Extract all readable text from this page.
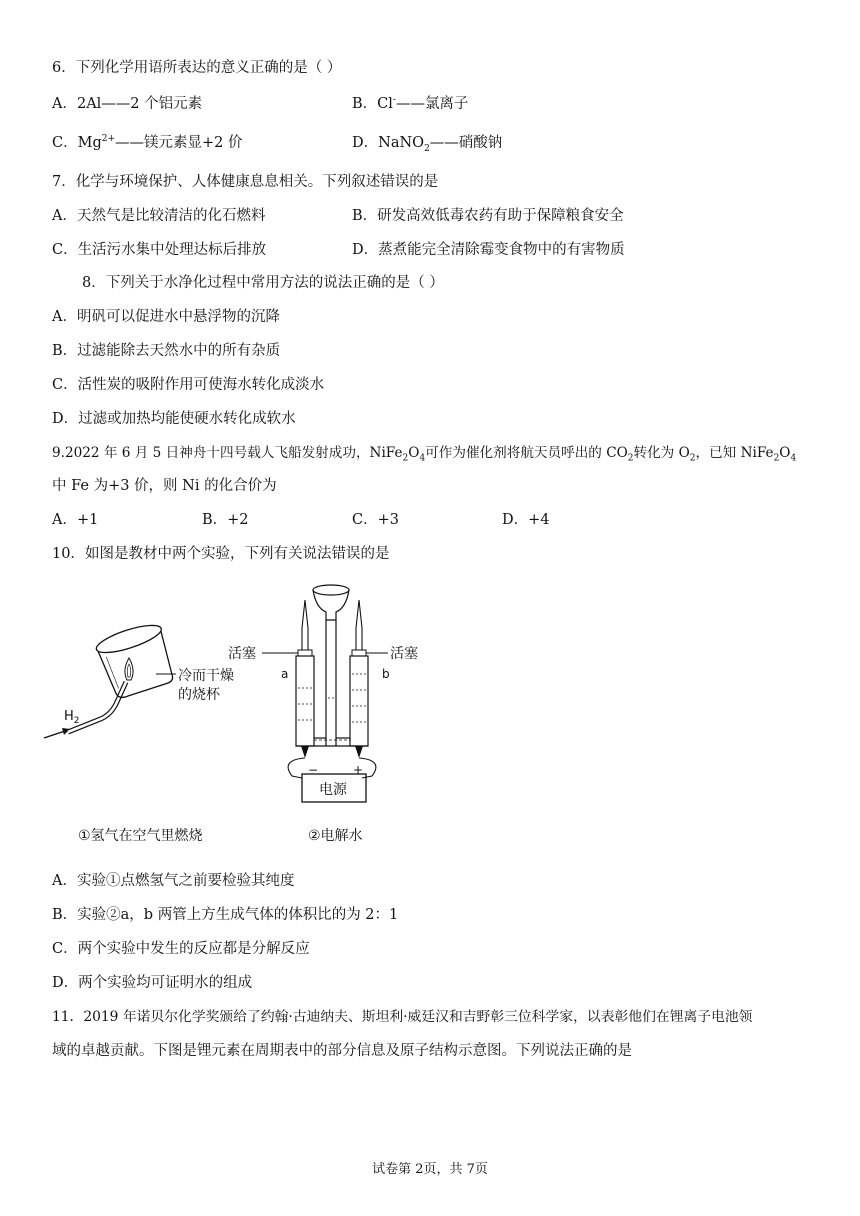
6．下列化学用语所表达的意义正确的是（ ）
A．2Al——2 个铝元素	B．Cl-——氯离子
C．$Mg^{2+}——$镁元素显+2 价	D．NaNO$_2$——硝酸钠
7．化学与环境保护、人体健康息息相关。下列叙述错误的是
A．天然气是比较清洁的化石燃料	B．研发高效低毒农药有助于保障粮食安全
C．生活污水集中处理达标后排放	D．蒸煮能完全清除霉变食物中的有害物质
8．下列关于水净化过程中常用方法的说法正确的是（ ）
A．明矾可以促进水中悬浮物的沉降
B．过滤能除去天然水中的所有杂质
C．活性炭的吸附作用可使海水转化成淡水
D．过滤或加热均能使硬水转化成软水
9.2022 年 6 月 5 日神舟十四号载人飞船发射成功，$NiFe_2O_4$可作为催化剂将航天员呼出的 $CO_2$转化为 $O_2$，已知 $NiFe_2O_4$
中 Fe 为+3 价，则 Ni 的化合价为
A．+1	B．+2	C．+3	D．+4
10．如图是教材中两个实验，下列有关说法错误的是
冷而干燥
的烧杯
$H_2$
活塞	活塞
a	b
−	+
电源
①氢气在空气里燃烧	②电解水
A．实验①点燃氢气之前要检验其纯度
B．实验②a，b 两管上方生成气体的体积比的为 2：1
C．两个实验中发生的反应都是分解反应
D．两个实验均可证明水的组成
11．2019 年诺贝尔化学奖颁给了约翰·古迪纳夫、斯坦利·威廷汉和吉野彰三位科学家，以表彰他们在锂离子电池领
域的卓越贡献。下图是锂元素在周期表中的部分信息及原子结构示意图。下列说法正确的是
试卷第 2页，共 7页
